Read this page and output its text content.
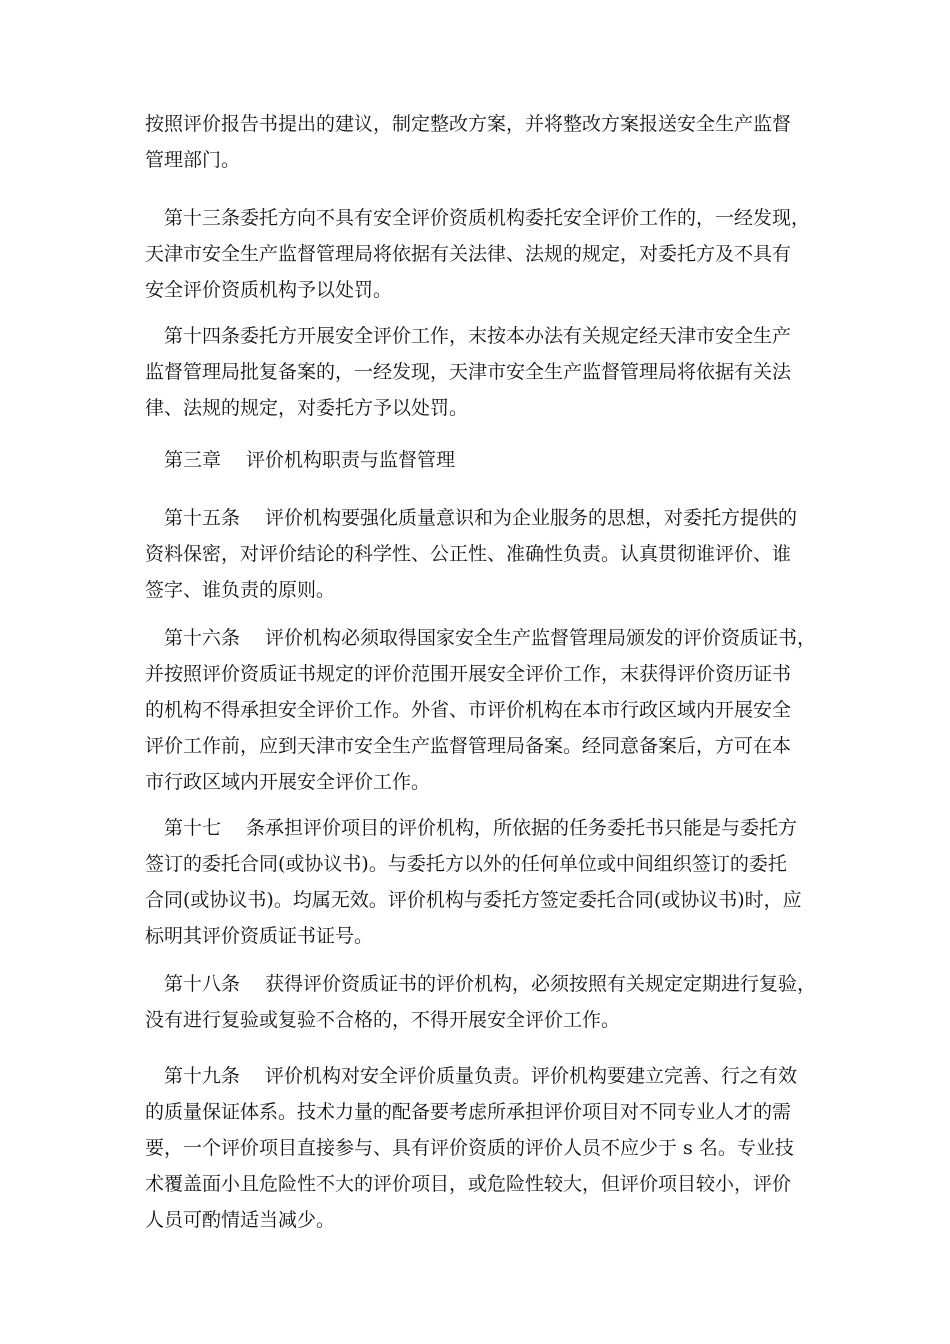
按照评价报告书提出的建议，制定整改方案，并将整改方案报送安全生产监督
管理部门。
　第十三条委托方向不具有安全评价资质机构委托安全评价工作的，一经发现，
天津市安全生产监督管理局将依据有关法律、法规的规定，对委托方及不具有
安全评价资质机构予以处罚。
　第十四条委托方开展安全评价工作，末按本办法有关规定经天津市安全生产
监督管理局批复备案的，一经发现，天津市安全生产监督管理局将依据有关法
律、法规的规定，对委托方予以处罚。
　第三章　 评价机构职责与监督管理
　第十五条　 评价机构要强化质量意识和为企业服务的思想，对委托方提供的
资料保密，对评价结论的科学性、公正性、准确性负责。认真贯彻谁评价、谁
签字、谁负责的原则。
　第十六条　 评价机构必须取得国家安全生产监督管理局颁发的评价资质证书，
并按照评价资质证书规定的评价范围开展安全评价工作，末获得评价资历证书
的机构不得承担安全评价工作。外省、市评价机构在本市行政区域内开展安全
评价工作前，应到天津市安全生产监督管理局备案。经同意备案后，方可在本
市行政区域内开展安全评价工作。
　第十七　 条承担评价项目的评价机构，所依据的任务委托书只能是与委托方
签订的委托合同(或协议书)。与委托方以外的任何单位或中间组织签订的委托
合同(或协议书)。均属无效。评价机构与委托方签定委托合同(或协议书)时，应
标明其评价资质证书证号。
　第十八条　 获得评价资质证书的评价机构，必须按照有关规定定期进行复验，
没有进行复验或复验不合格的，不得开展安全评价工作。
　第十九条　 评价机构对安全评价质量负责。评价机构要建立完善、行之有效
的质量保证体系。技术力量的配备要考虑所承担评价项目对不同专业人才的需
要，一个评价项目直接参与、具有评价资质的评价人员不应少于 s 名。专业技
术覆盖面小且危险性不大的评价项目，或危险性较大，但评价项目较小，评价
人员可酌情适当减少。
